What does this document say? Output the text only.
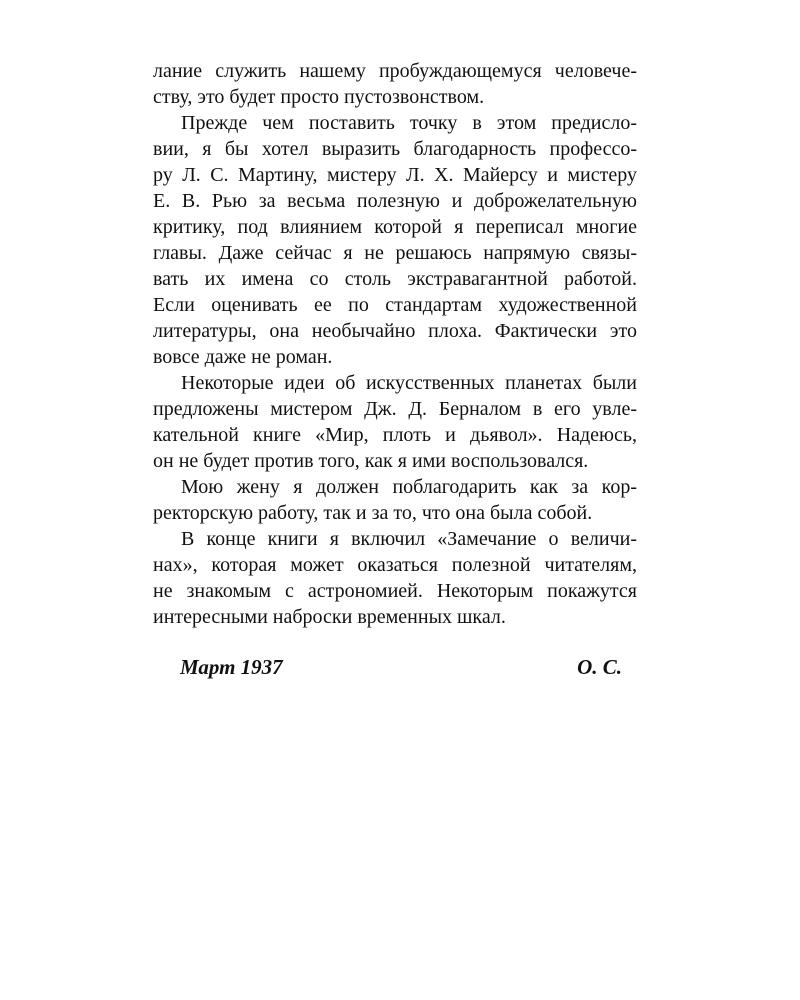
лание служить нашему пробуждающемуся человече-
ству, это будет просто пустозвонством.
Прежде чем поставить точку в этом предисло-
вии, я бы хотел выразить благодарность профессо-
ру Л. С. Мартину, мистеру Л. Х. Майерсу и мистеру
Е. В. Рью за весьма полезную и доброжелательную
критику, под влиянием которой я переписал многие
главы. Даже сейчас я не решаюсь напрямую связы-
вать их имена со столь экстравагантной работой.
Если оценивать ее по стандартам художественной
литературы, она необычайно плоха. Фактически это
вовсе даже не роман.
Некоторые идеи об искусственных планетах были
предложены мистером Дж. Д. Берналом в его увле-
кательной книге «Мир, плоть и дьявол». Надеюсь,
он не будет против того, как я ими воспользовался.
Мою жену я должен поблагодарить как за кор-
ректорскую работу, так и за то, что она была собой.
В конце книги я включил «Замечание о величи-
нах», которая может оказаться полезной читателям,
не знакомым с астрономией. Некоторым покажутся
интересными наброски временных шкал.
Март 1937	О. С.
